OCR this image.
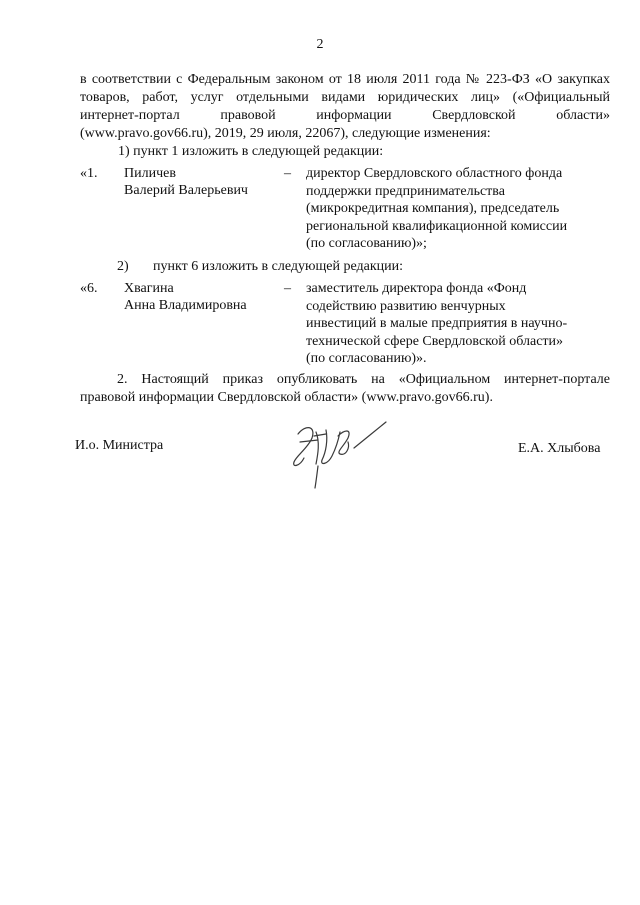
2
в соответствии с Федеральным законом от 18 июля 2011 года № 223-ФЗ «О закупках
товаров, работ, услуг отдельными видами юридических лиц» («Официальный
интернет-портал правовой информации Свердловской области»
(www.pravo.gov66.ru), 2019, 29 июля, 22067), следующие изменения:
1) пункт 1 изложить в следующей редакции:
«1. Пиличев
Валерий Валерьевич
– директор Свердловского областного фонда
поддержки предпринимательства
(микрокредитная компания), председатель
региональной квалификационной комиссии
(по согласованию)»;
2) пункт 6 изложить в следующей редакции:
«6. Хвагина
Анна Владимировна
– заместитель директора фонда «Фонд
содействию развитию венчурных
инвестиций в малые предприятия в научно-
технической сфере Свердловской области»
(по согласованию)».
2. Настоящий приказ опубликовать на «Официальном интернет-портале
правовой информации Свердловской области» (www.pravo.gov66.ru).
И.о. Министра	Е.А. Хлыбова
